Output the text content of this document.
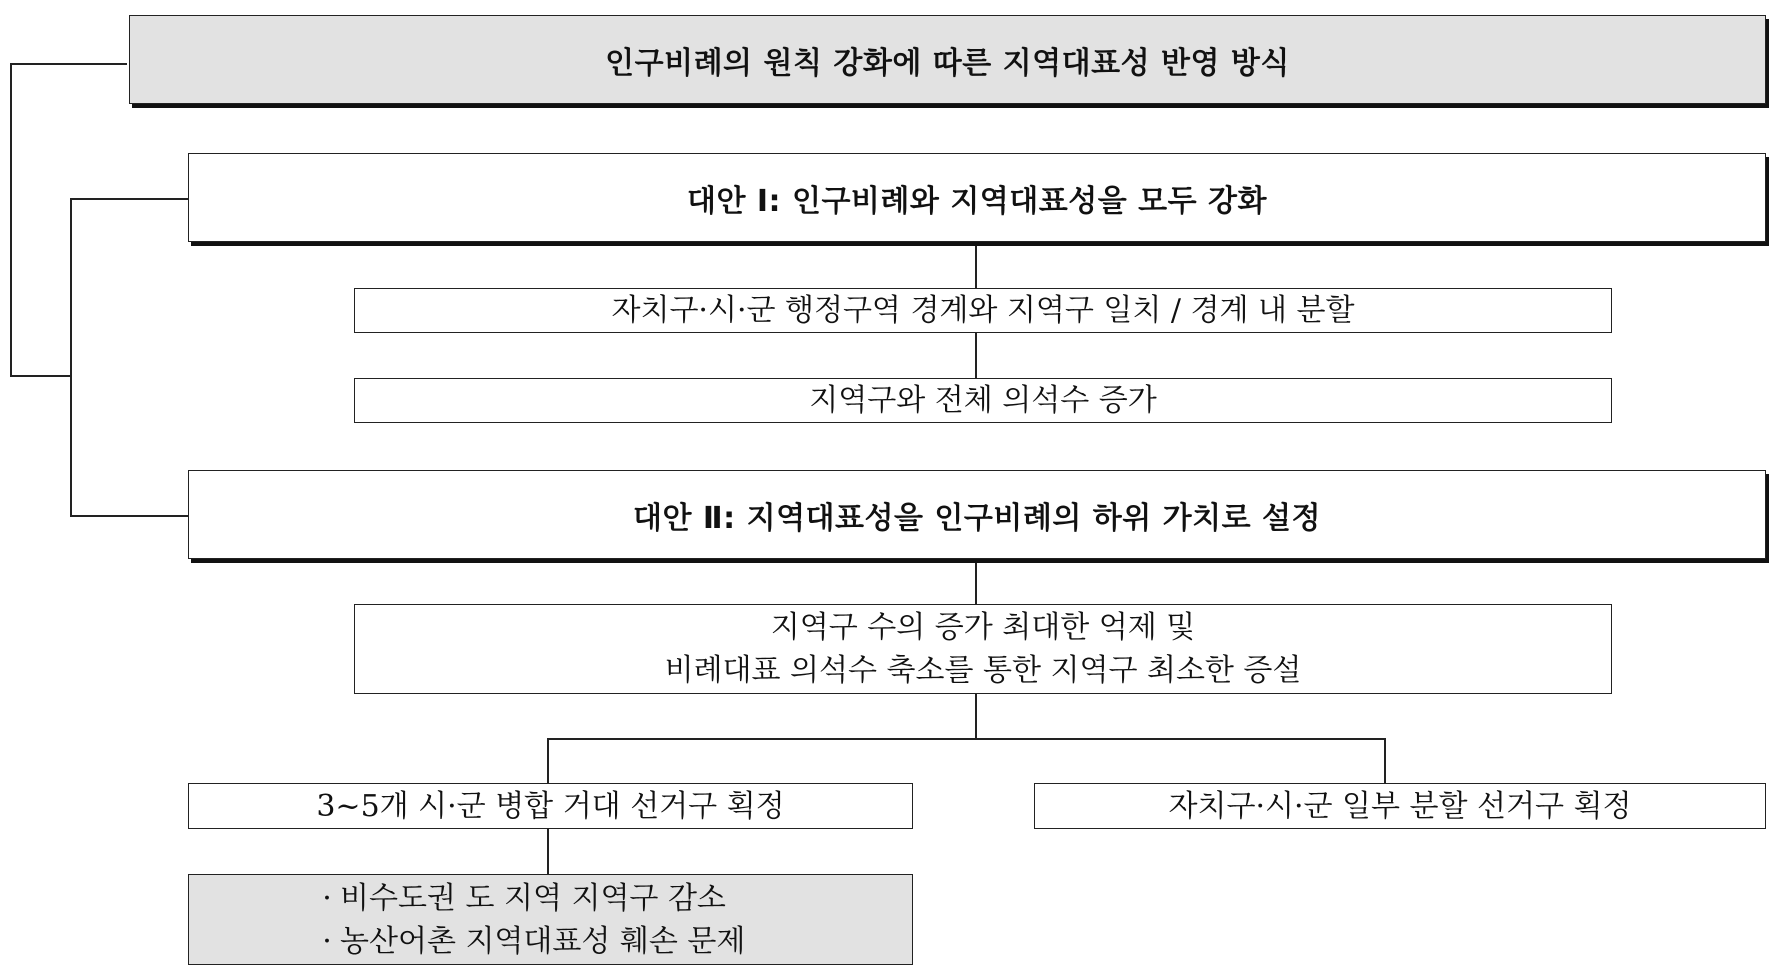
인구비례의 원칙 강화에 따른 지역대표성 반영 방식
대안 Ⅰ: 인구비례와 지역대표성을 모두 강화
자치구·시·군 행정구역 경계와 지역구 일치 / 경계 내 분할
지역구와 전체 의석수 증가
대안 Ⅱ: 지역대표성을 인구비례의 하위 가치로 설정
지역구 수의 증가 최대한 억제 및
비례대표 의석수 축소를 통한 지역구 최소한 증설
3~5개 시·군 병합 거대 선거구 획정	자치구·시·군 일부 분할 선거구 획정
· 비수도권 도 지역 지역구 감소
· 농산어촌 지역대표성 훼손 문제
